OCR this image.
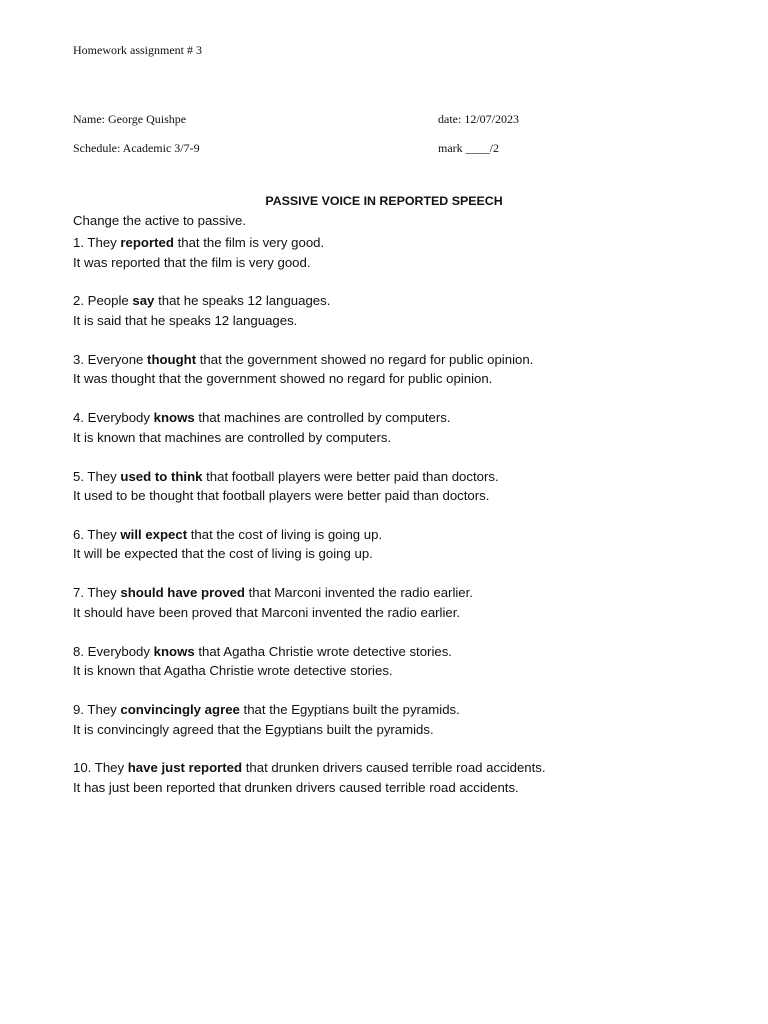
Homework assignment # 3
Name: George Quishpe	date: 12/07/2023
Schedule: Academic 3/7-9	mark ____/2
PASSIVE VOICE IN REPORTED SPEECH
Change the active to passive.
1. They reported that the film is very good.
It was reported that the film is very good.
2. People say that he speaks 12 languages.
It is said that he speaks 12 languages.
3. Everyone thought that the government showed no regard for public opinion.
It was thought that the government showed no regard for public opinion.
4. Everybody knows that machines are controlled by computers.
It is known that machines are controlled by computers.
5. They used to think that football players were better paid than doctors.
It used to be thought that football players were better paid than doctors.
6. They will expect that the cost of living is going up.
It will be expected that the cost of living is going up.
7. They should have proved that Marconi invented the radio earlier.
It should have been proved that Marconi invented the radio earlier.
8. Everybody knows that Agatha Christie wrote detective stories.
It is known that Agatha Christie wrote detective stories.
9. They convincingly agree that the Egyptians built the pyramids.
It is convincingly agreed that the Egyptians built the pyramids.
10. They have just reported that drunken drivers caused terrible road accidents.
It has just been reported that drunken drivers caused terrible road accidents.
